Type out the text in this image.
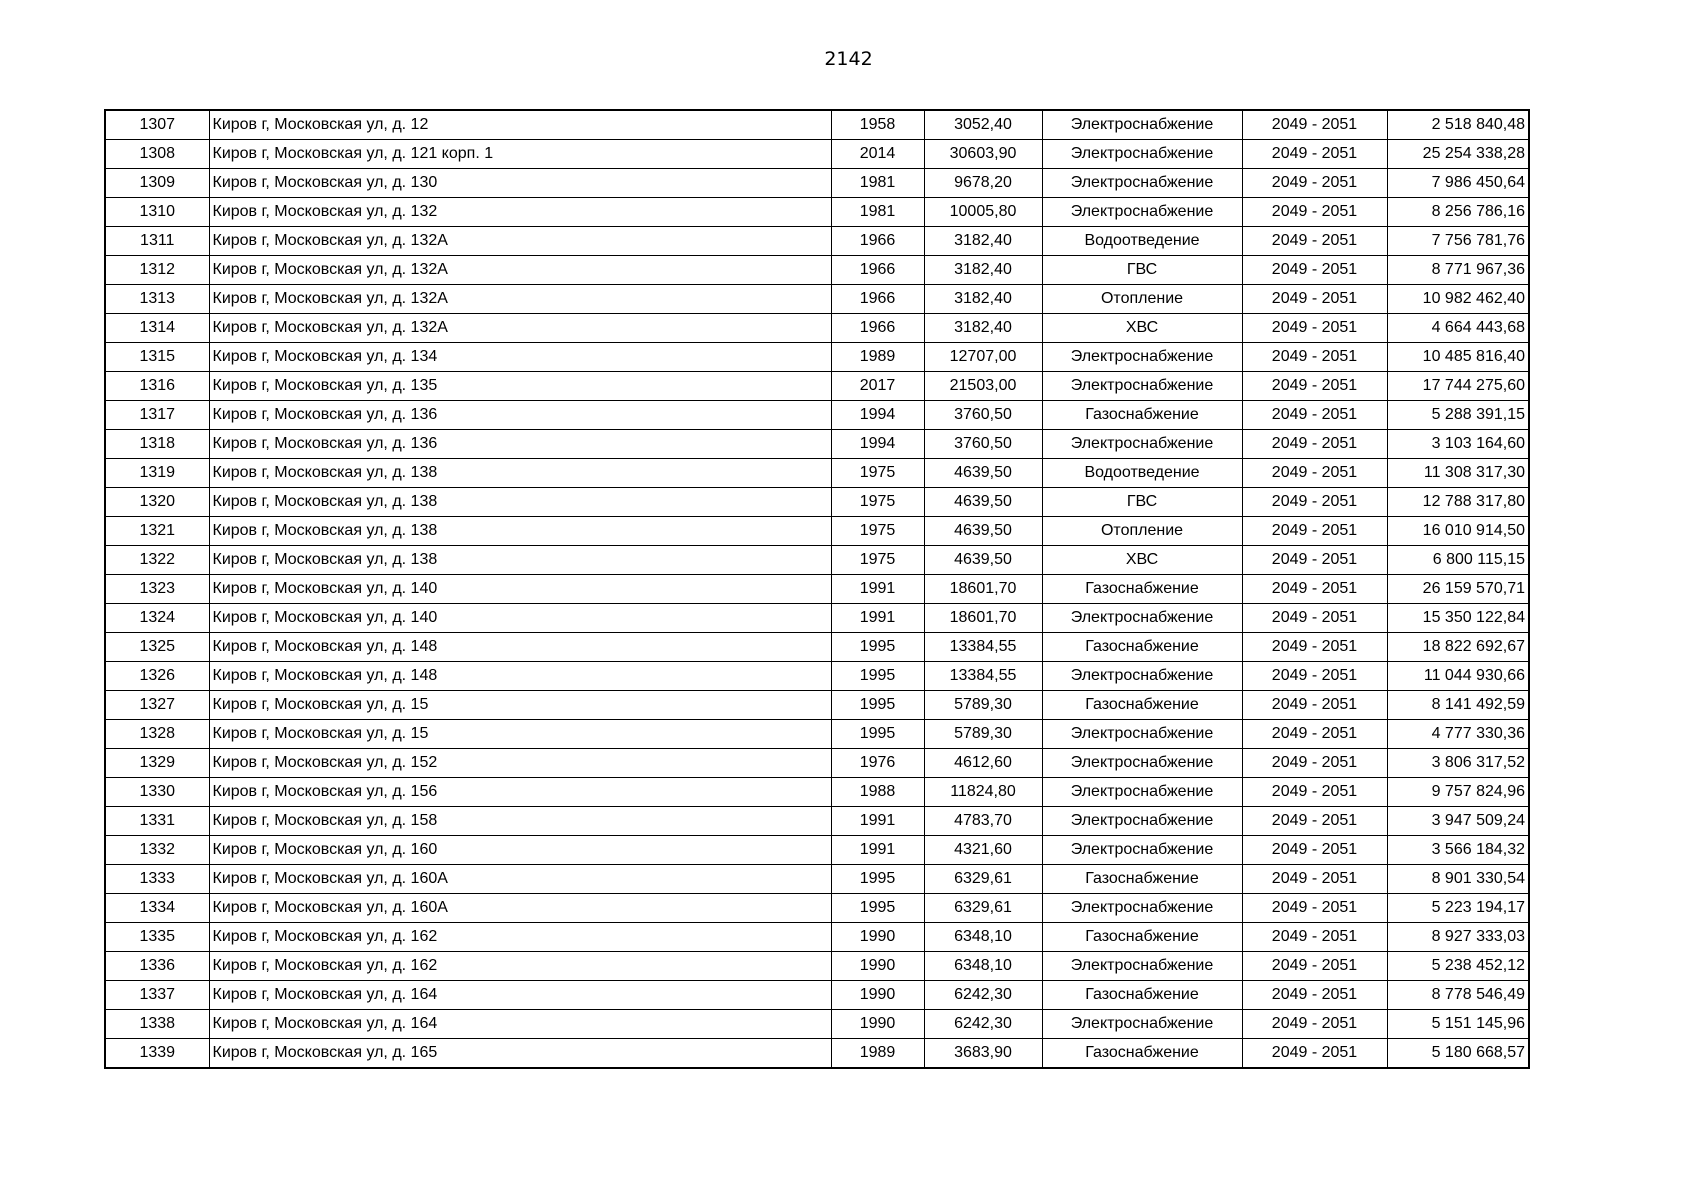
2142
1307	Киров г, Московская ул, д. 12	1958	3052,40	Электроснабжение	2049 - 2051	2 518 840,48
1308	Киров г, Московская ул, д. 121 корп. 1	2014	30603,90	Электроснабжение	2049 - 2051	25 254 338,28
1309	Киров г, Московская ул, д. 130	1981	9678,20	Электроснабжение	2049 - 2051	7 986 450,64
1310	Киров г, Московская ул, д. 132	1981	10005,80	Электроснабжение	2049 - 2051	8 256 786,16
1311	Киров г, Московская ул, д. 132А	1966	3182,40	Водоотведение	2049 - 2051	7 756 781,76
1312	Киров г, Московская ул, д. 132А	1966	3182,40	ГВС	2049 - 2051	8 771 967,36
1313	Киров г, Московская ул, д. 132А	1966	3182,40	Отопление	2049 - 2051	10 982 462,40
1314	Киров г, Московская ул, д. 132А	1966	3182,40	ХВС	2049 - 2051	4 664 443,68
1315	Киров г, Московская ул, д. 134	1989	12707,00	Электроснабжение	2049 - 2051	10 485 816,40
1316	Киров г, Московская ул, д. 135	2017	21503,00	Электроснабжение	2049 - 2051	17 744 275,60
1317	Киров г, Московская ул, д. 136	1994	3760,50	Газоснабжение	2049 - 2051	5 288 391,15
1318	Киров г, Московская ул, д. 136	1994	3760,50	Электроснабжение	2049 - 2051	3 103 164,60
1319	Киров г, Московская ул, д. 138	1975	4639,50	Водоотведение	2049 - 2051	11 308 317,30
1320	Киров г, Московская ул, д. 138	1975	4639,50	ГВС	2049 - 2051	12 788 317,80
1321	Киров г, Московская ул, д. 138	1975	4639,50	Отопление	2049 - 2051	16 010 914,50
1322	Киров г, Московская ул, д. 138	1975	4639,50	ХВС	2049 - 2051	6 800 115,15
1323	Киров г, Московская ул, д. 140	1991	18601,70	Газоснабжение	2049 - 2051	26 159 570,71
1324	Киров г, Московская ул, д. 140	1991	18601,70	Электроснабжение	2049 - 2051	15 350 122,84
1325	Киров г, Московская ул, д. 148	1995	13384,55	Газоснабжение	2049 - 2051	18 822 692,67
1326	Киров г, Московская ул, д. 148	1995	13384,55	Электроснабжение	2049 - 2051	11 044 930,66
1327	Киров г, Московская ул, д. 15	1995	5789,30	Газоснабжение	2049 - 2051	8 141 492,59
1328	Киров г, Московская ул, д. 15	1995	5789,30	Электроснабжение	2049 - 2051	4 777 330,36
1329	Киров г, Московская ул, д. 152	1976	4612,60	Электроснабжение	2049 - 2051	3 806 317,52
1330	Киров г, Московская ул, д. 156	1988	11824,80	Электроснабжение	2049 - 2051	9 757 824,96
1331	Киров г, Московская ул, д. 158	1991	4783,70	Электроснабжение	2049 - 2051	3 947 509,24
1332	Киров г, Московская ул, д. 160	1991	4321,60	Электроснабжение	2049 - 2051	3 566 184,32
1333	Киров г, Московская ул, д. 160А	1995	6329,61	Газоснабжение	2049 - 2051	8 901 330,54
1334	Киров г, Московская ул, д. 160А	1995	6329,61	Электроснабжение	2049 - 2051	5 223 194,17
1335	Киров г, Московская ул, д. 162	1990	6348,10	Газоснабжение	2049 - 2051	8 927 333,03
1336	Киров г, Московская ул, д. 162	1990	6348,10	Электроснабжение	2049 - 2051	5 238 452,12
1337	Киров г, Московская ул, д. 164	1990	6242,30	Газоснабжение	2049 - 2051	8 778 546,49
1338	Киров г, Московская ул, д. 164	1990	6242,30	Электроснабжение	2049 - 2051	5 151 145,96
1339	Киров г, Московская ул, д. 165	1989	3683,90	Газоснабжение	2049 - 2051	5 180 668,57
